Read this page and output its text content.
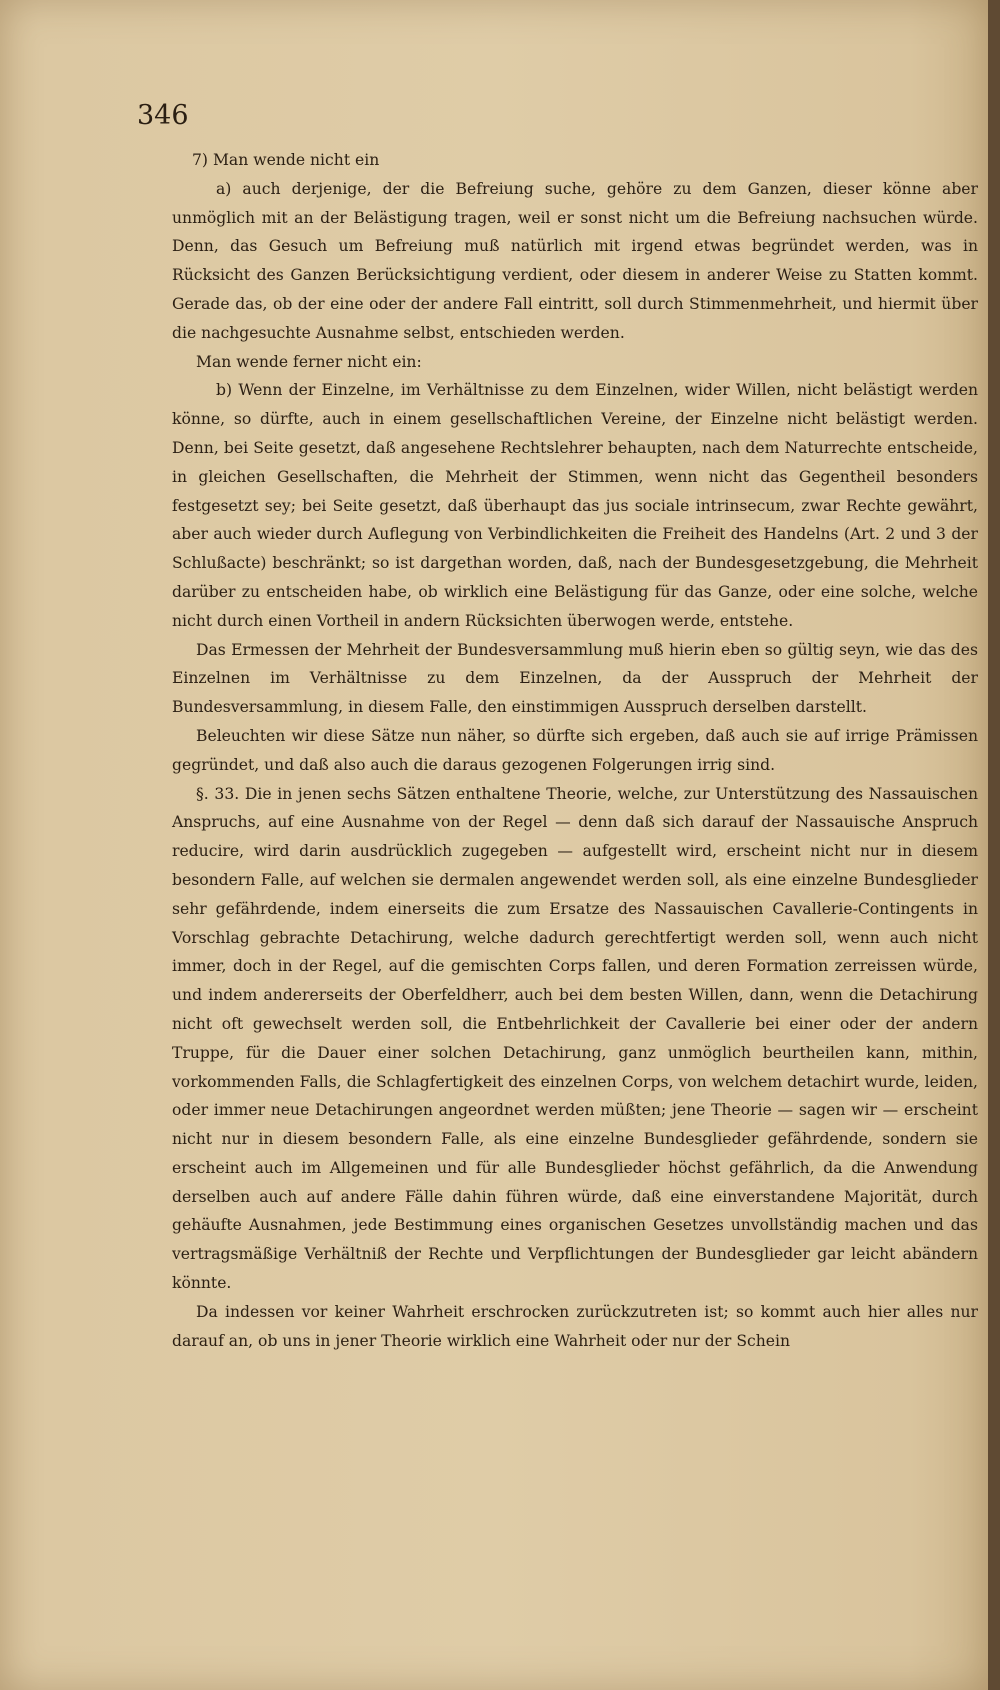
346

7) Man wende nicht ein

a) auch derjenige, der die Befreiung suche, gehöre zu dem Ganzen, dieser könne aber unmöglich mit an der Belästigung tragen, weil er sonst nicht um die Befreiung nachsuchen würde. Denn, das Gesuch um Befreiung muß natürlich mit irgend etwas begründet werden, was in Rücksicht des Ganzen Berücksichtigung verdient, oder diesem in anderer Weise zu Statten kommt. Gerade das, ob der eine oder der andere Fall eintritt, soll durch Stimmenmehrheit, und hiermit über die nachgesuchte Ausnahme selbst, entschieden werden.

Man wende ferner nicht ein:

b) Wenn der Einzelne, im Verhältnisse zu dem Einzelnen, wider Willen, nicht belästigt werden könne, so dürfte, auch in einem gesellschaftlichen Vereine, der Einzelne nicht belästigt werden. Denn, bei Seite gesetzt, daß angesehene Rechtslehrer behaupten, nach dem Naturrechte entscheide, in gleichen Gesellschaften, die Mehrheit der Stimmen, wenn nicht das Gegentheil besonders festgesetzt sey; bei Seite gesetzt, daß überhaupt das jus sociale intrinsecum, zwar Rechte gewährt, aber auch wieder durch Auflegung von Verbindlichkeiten die Freiheit des Handelns (Art. 2 und 3 der Schlußacte) beschränkt; so ist dargethan worden, daß, nach der Bundesgesetzgebung, die Mehrheit darüber zu entscheiden habe, ob wirklich eine Belästigung für das Ganze, oder eine solche, welche nicht durch einen Vortheil in andern Rücksichten überwogen werde, entstehe.

Das Ermessen der Mehrheit der Bundesversammlung muß hierin eben so gültig seyn, wie das des Einzelnen im Verhältnisse zu dem Einzelnen, da der Ausspruch der Mehrheit der Bundesversammlung, in diesem Falle, den einstimmigen Ausspruch derselben darstellt.

Beleuchten wir diese Sätze nun näher, so dürfte sich ergeben, daß auch sie auf irrige Prämissen gegründet, und daß also auch die daraus gezogenen Folgerungen irrig sind.

§. 33. Die in jenen sechs Sätzen enthaltene Theorie, welche, zur Unterstützung des Nassauischen Anspruchs, auf eine Ausnahme von der Regel — denn daß sich darauf der Nassauische Anspruch reducire, wird darin ausdrücklich zugegeben — aufgestellt wird, erscheint nicht nur in diesem besondern Falle, auf welchen sie dermalen angewendet werden soll, als eine einzelne Bundesglieder sehr gefährdende, indem einerseits die zum Ersatze des Nassauischen Cavallerie-Contingents in Vorschlag gebrachte Detachirung, welche dadurch gerechtfertigt werden soll, wenn auch nicht immer, doch in der Regel, auf die gemischten Corps fallen, und deren Formation zerreissen würde, und indem andererseits der Oberfeldherr, auch bei dem besten Willen, dann, wenn die Detachirung nicht oft gewechselt werden soll, die Entbehrlichkeit der Cavallerie bei einer oder der andern Truppe, für die Dauer einer solchen Detachirung, ganz unmöglich beurtheilen kann, mithin, vorkommenden Falls, die Schlagfertigkeit des einzelnen Corps, von welchem detachirt wurde, leiden, oder immer neue Detachirungen angeordnet werden müßten; jene Theorie — sagen wir — erscheint nicht nur in diesem besondern Falle, als eine einzelne Bundesglieder gefährdende, sondern sie erscheint auch im Allgemeinen und für alle Bundesglieder höchst gefährlich, da die Anwendung derselben auch auf andere Fälle dahin führen würde, daß eine einverstandene Majorität, durch gehäufte Ausnahmen, jede Bestimmung eines organischen Gesetzes unvollständig machen und das vertragsmäßige Verhältniß der Rechte und Verpflichtungen der Bundesglieder gar leicht abändern könnte.

Da indessen vor keiner Wahrheit erschrocken zurückzutreten ist; so kommt auch hier alles nur darauf an, ob uns in jener Theorie wirklich eine Wahrheit oder nur der Schein
